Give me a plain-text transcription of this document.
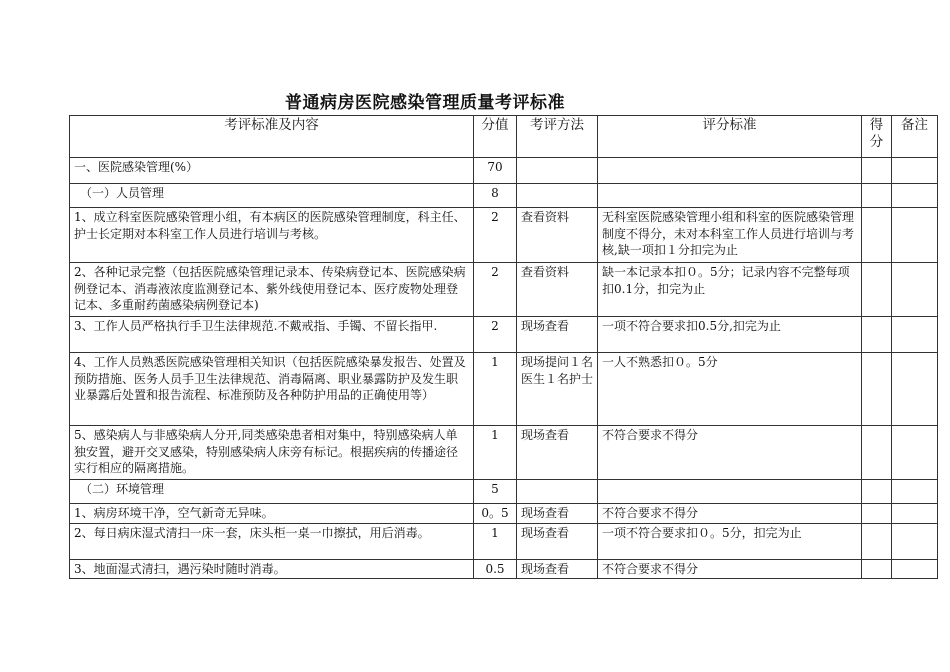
普通病房医院感染管理质量考评标准
考评标准及内容	分值	考评方法	评分标准	得分	备注
一、医院感染管理(%）	70				
（一）人员管理	8				
1、成立科室医院感染管理小组，有本病区的医院感染管理制度，科主任、护士长定期对本科室工作人员进行培训与考核。	2	查看资料	无科室医院感染管理小组和科室的医院感染管理制度不得分，未对本科室工作人员进行培训与考核,缺一项扣１分扣完为止		
2、各种记录完整（包括医院感染管理记录本、传染病登记本、医院感染病例登记本、消毒液浓度监测登记本、紫外线使用登记本、医疗废物处理登记本、多重耐药菌感染病例登记本)	2	查看资料	缺一本记录本扣０。5分；记录内容不完整每项扣0.1分，扣完为止		
3、工作人员严格执行手卫生法律规范.不戴戒指、手镯、不留长指甲.	2	现场查看	一项不符合要求扣0.5分,扣完为止		
4、工作人员熟悉医院感染管理相关知识（包括医院感染暴发报告、处置及预防措施、医务人员手卫生法律规范、消毒隔离、职业暴露防护及发生职业暴露后处置和报告流程、标准预防及各种防护用品的正确使用等）	1	现场提问１名医生１名护士	一人不熟悉扣０。5分		
5、感染病人与非感染病人分开,同类感染患者相对集中，特别感染病人单独安置，避开交叉感染，特别感染病人床旁有标记。根据疾病的传播途径实行相应的隔离措施。	1	现场查看	不符合要求不得分		
（二）环境管理	5				
1、病房环境干净，空气新奇无异味。	0。5	现场查看	不符合要求不得分		
2、每日病床湿式清扫一床一套，床头柜一桌一巾擦拭，用后消毒。	1	现场查看	一项不符合要求扣０。5分，扣完为止		
3、地面湿式清扫，遇污染时随时消毒。	0.5	现场查看	不符合要求不得分		
